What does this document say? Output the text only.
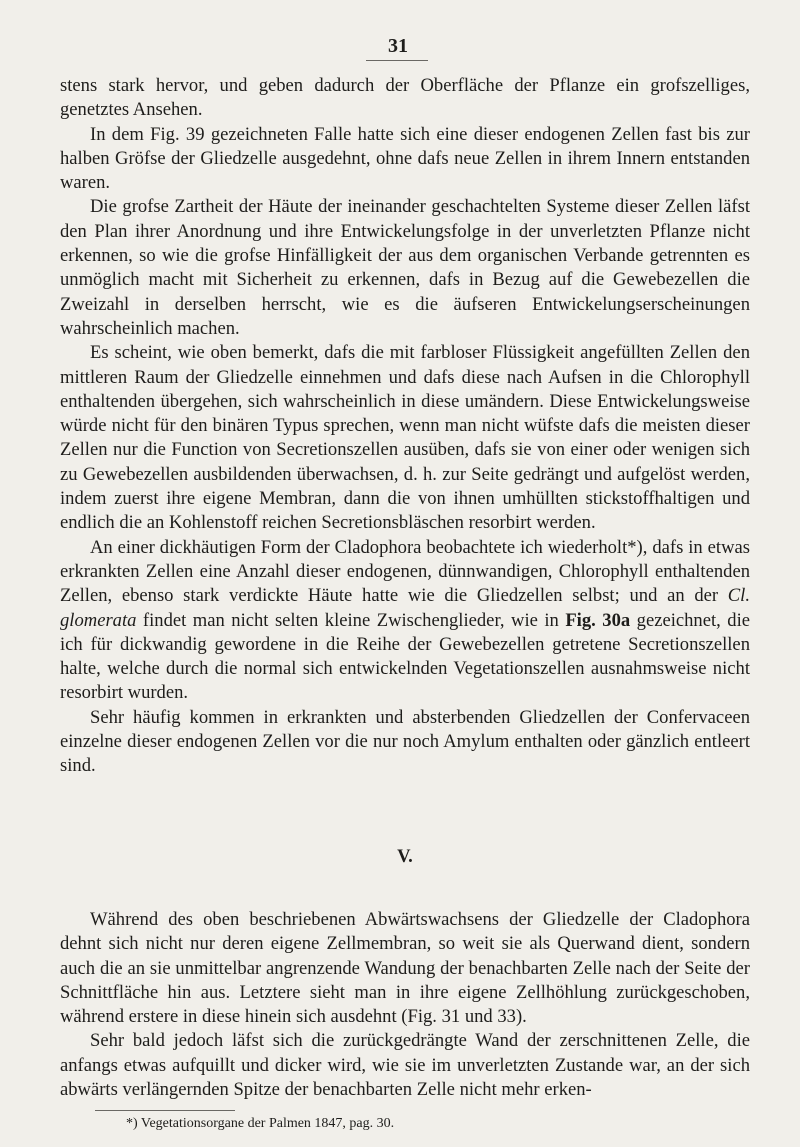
31

stens stark hervor, und geben dadurch der Oberfläche der Pflanze ein grofszelliges, genetztes Ansehen.

In dem Fig. 39 gezeichneten Falle hatte sich eine dieser endogenen Zellen fast bis zur halben Gröfse der Gliedzelle ausgedehnt, ohne dafs neue Zellen in ihrem Innern entstanden waren.

Die grofse Zartheit der Häute der ineinander geschachtelten Systeme dieser Zellen läfst den Plan ihrer Anordnung und ihre Entwickelungsfolge in der unverletzten Pflanze nicht erkennen, so wie die grofse Hinfälligkeit der aus dem organischen Verbande getrennten es unmöglich macht mit Sicherheit zu erkennen, dafs in Bezug auf die Gewebezellen die Zweizahl in derselben herrscht, wie es die äufseren Entwickelungserscheinungen wahrscheinlich machen.

Es scheint, wie oben bemerkt, dafs die mit farbloser Flüssigkeit angefüllten Zellen den mittleren Raum der Gliedzelle einnehmen und dafs diese nach Aufsen in die Chlorophyll enthaltenden übergehen, sich wahrscheinlich in diese umändern. Diese Entwickelungsweise würde nicht für den binären Typus sprechen, wenn man nicht wüfste dafs die meisten dieser Zellen nur die Function von Secretionszellen ausüben, dafs sie von einer oder wenigen sich zu Gewebezellen ausbildenden überwachsen, d. h. zur Seite gedrängt und aufgelöst werden, indem zuerst ihre eigene Membran, dann die von ihnen umhüllten stickstoffhaltigen und endlich die an Kohlenstoff reichen Secretionsbläschen resorbirt werden.

An einer dickhäutigen Form der Cladophora beobachtete ich wiederholt*), dafs in etwas erkrankten Zellen eine Anzahl dieser endogenen, dünnwandigen, Chlorophyll enthaltenden Zellen, ebenso stark verdickte Häute hatte wie die Gliedzellen selbst; und an der Cl. glomerata findet man nicht selten kleine Zwischenglieder, wie in Fig. 30a gezeichnet, die ich für dickwandig gewordene in die Reihe der Gewebezellen getretene Secretionszellen halte, welche durch die normal sich entwickelnden Vegetationszellen ausnahmsweise nicht resorbirt wurden.

Sehr häufig kommen in erkrankten und absterbenden Gliedzellen der Confervaceen einzelne dieser endogenen Zellen vor die nur noch Amylum enthalten oder gänzlich entleert sind.

V.

Während des oben beschriebenen Abwärtswachsens der Gliedzelle der Cladophora dehnt sich nicht nur deren eigene Zellmembran, so weit sie als Querwand dient, sondern auch die an sie unmittelbar angrenzende Wandung der benachbarten Zelle nach der Seite der Schnittfläche hin aus. Letztere sieht man in ihre eigene Zellhöhlung zurückgeschoben, während erstere in diese hinein sich ausdehnt (Fig. 31 und 33).

Sehr bald jedoch läfst sich die zurückgedrängte Wand der zerschnittenen Zelle, die anfangs etwas aufquillt und dicker wird, wie sie im unverletzten Zustande war, an der sich abwärts verlängernden Spitze der benachbarten Zelle nicht mehr erken-

*) Vegetationsorgane der Palmen 1847, pag. 30.
